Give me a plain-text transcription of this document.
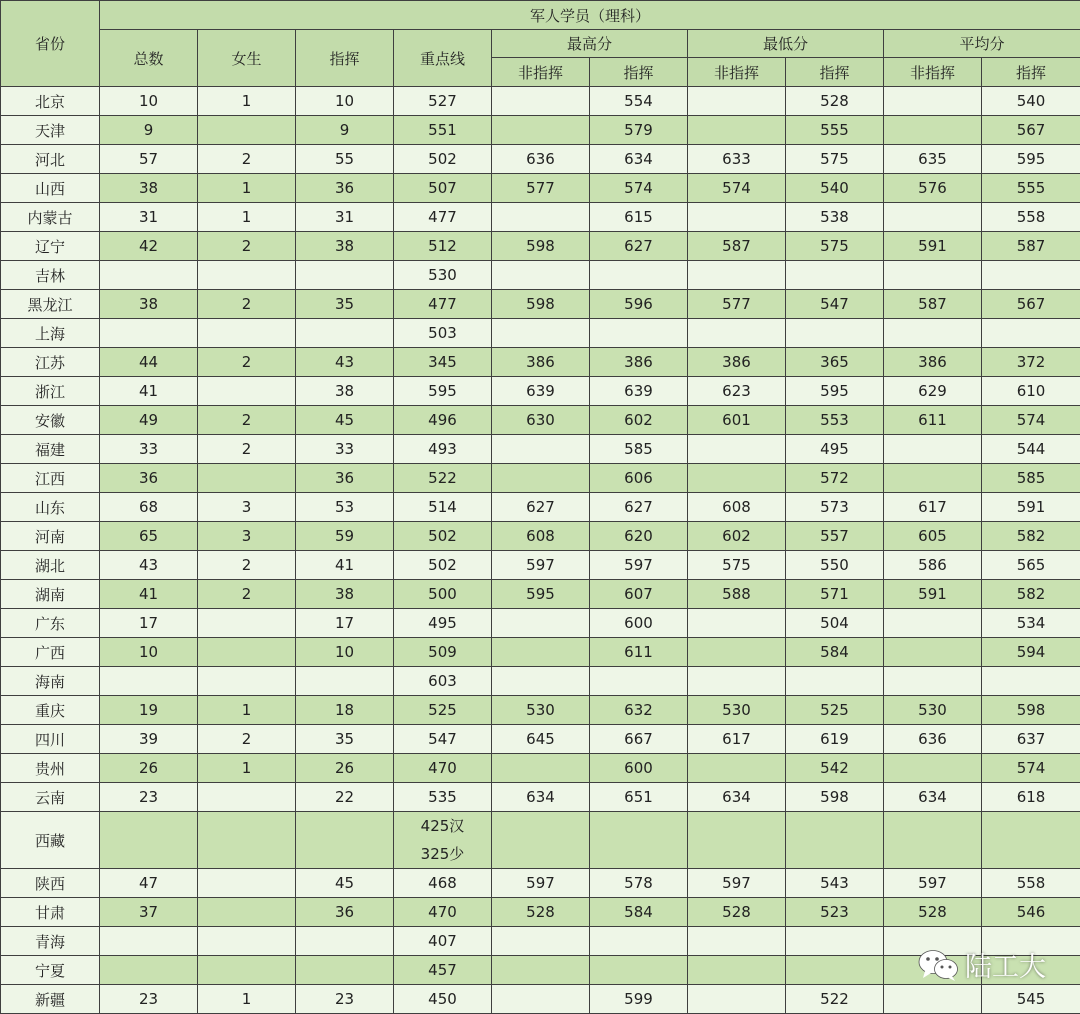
省份	军人学员（理科）									
	总数	女生	指挥	重点线	最高分		最低分		平均分	
					非指挥	指挥	非指挥	指挥	非指挥	指挥
北京	10	1	10	527		554		528		540
天津	9		9	551		579		555		567
河北	57	2	55	502	636	634	633	575	635	595
山西	38	1	36	507	577	574	574	540	576	555
内蒙古	31	1	31	477		615		538		558
辽宁	42	2	38	512	598	627	587	575	591	587
吉林				530						
黑龙江	38	2	35	477	598	596	577	547	587	567
上海				503						
江苏	44	2	43	345	386	386	386	365	386	372
浙江	41		38	595	639	639	623	595	629	610
安徽	49	2	45	496	630	602	601	553	611	574
福建	33	2	33	493		585		495		544
江西	36		36	522		606		572		585
山东	68	3	53	514	627	627	608	573	617	591
河南	65	3	59	502	608	620	602	557	605	582
湖北	43	2	41	502	597	597	575	550	586	565
湖南	41	2	38	500	595	607	588	571	591	582
广东	17		17	495		600		504		534
广西	10		10	509		611		584		594
海南				603						
重庆	19	1	18	525	530	632	530	525	530	598
四川	39	2	35	547	645	667	617	619	636	637
贵州	26	1	26	470		600		542		574
云南	23		22	535	634	651	634	598	634	618
西藏				425汉
325少						

陕西	47		45	468	597	578	597	543	597	558
甘肃	37		36	470	528	584	528	523	528	546
青海				407						
宁夏				457						
新疆	23	1	23	450		599		522		545
陆工大
